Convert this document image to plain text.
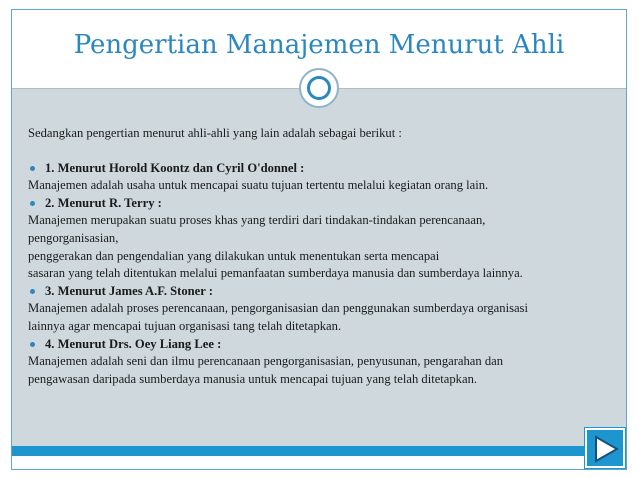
Pengertian Manajemen Menurut Ahli
Sedangkan pengertian menurut ahli-ahli yang lain adalah sebagai berikut :
1. Menurut Horold Koontz dan Cyril O'donnel :
Manajemen adalah usaha untuk mencapai suatu tujuan tertentu melalui kegiatan orang lain.
2. Menurut R. Terry :
Manajemen merupakan suatu proses khas yang terdiri dari tindakan-tindakan perencanaan,
pengorganisasian,
penggerakan dan pengendalian yang dilakukan untuk menentukan serta mencapai
sasaran yang telah ditentukan melalui pemanfaatan sumberdaya manusia dan sumberdaya lainnya.
3. Menurut James A.F. Stoner :
Manajemen adalah proses perencanaan, pengorganisasian dan penggunakan sumberdaya organisasi
lainnya agar mencapai tujuan organisasi tang telah ditetapkan.
4. Menurut Drs. Oey Liang Lee :
Manajemen adalah seni dan ilmu perencanaan pengorganisasian, penyusunan, pengarahan dan
pengawasan daripada sumberdaya manusia untuk mencapai tujuan yang telah ditetapkan.
